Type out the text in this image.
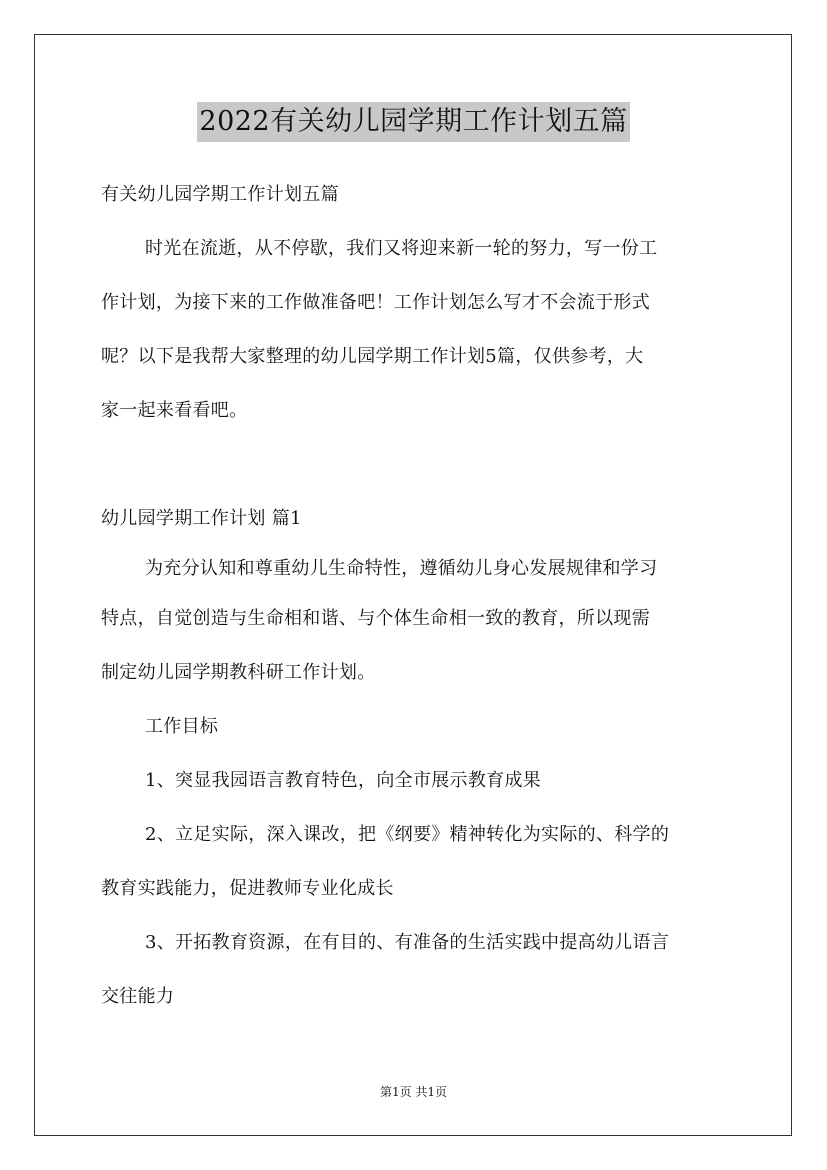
2022有关幼儿园学期工作计划五篇
有关幼儿园学期工作计划五篇
时光在流逝，从不停歇，我们又将迎来新一轮的努力，写一份工
作计划，为接下来的工作做准备吧！工作计划怎么写才不会流于形式
呢？以下是我帮大家整理的幼儿园学期工作计划5篇，仅供参考，大
家一起来看看吧。
幼儿园学期工作计划 篇1
为充分认知和尊重幼儿生命特性，遵循幼儿身心发展规律和学习
特点，自觉创造与生命相和谐、与个体生命相一致的教育，所以现需
制定幼儿园学期教科研工作计划。
工作目标
1、突显我园语言教育特色，向全市展示教育成果
2、立足实际，深入课改，把《纲要》精神转化为实际的、科学的
教育实践能力，促进教师专业化成长
3、开拓教育资源，在有目的、有准备的生活实践中提高幼儿语言
交往能力
第1页 共1页
